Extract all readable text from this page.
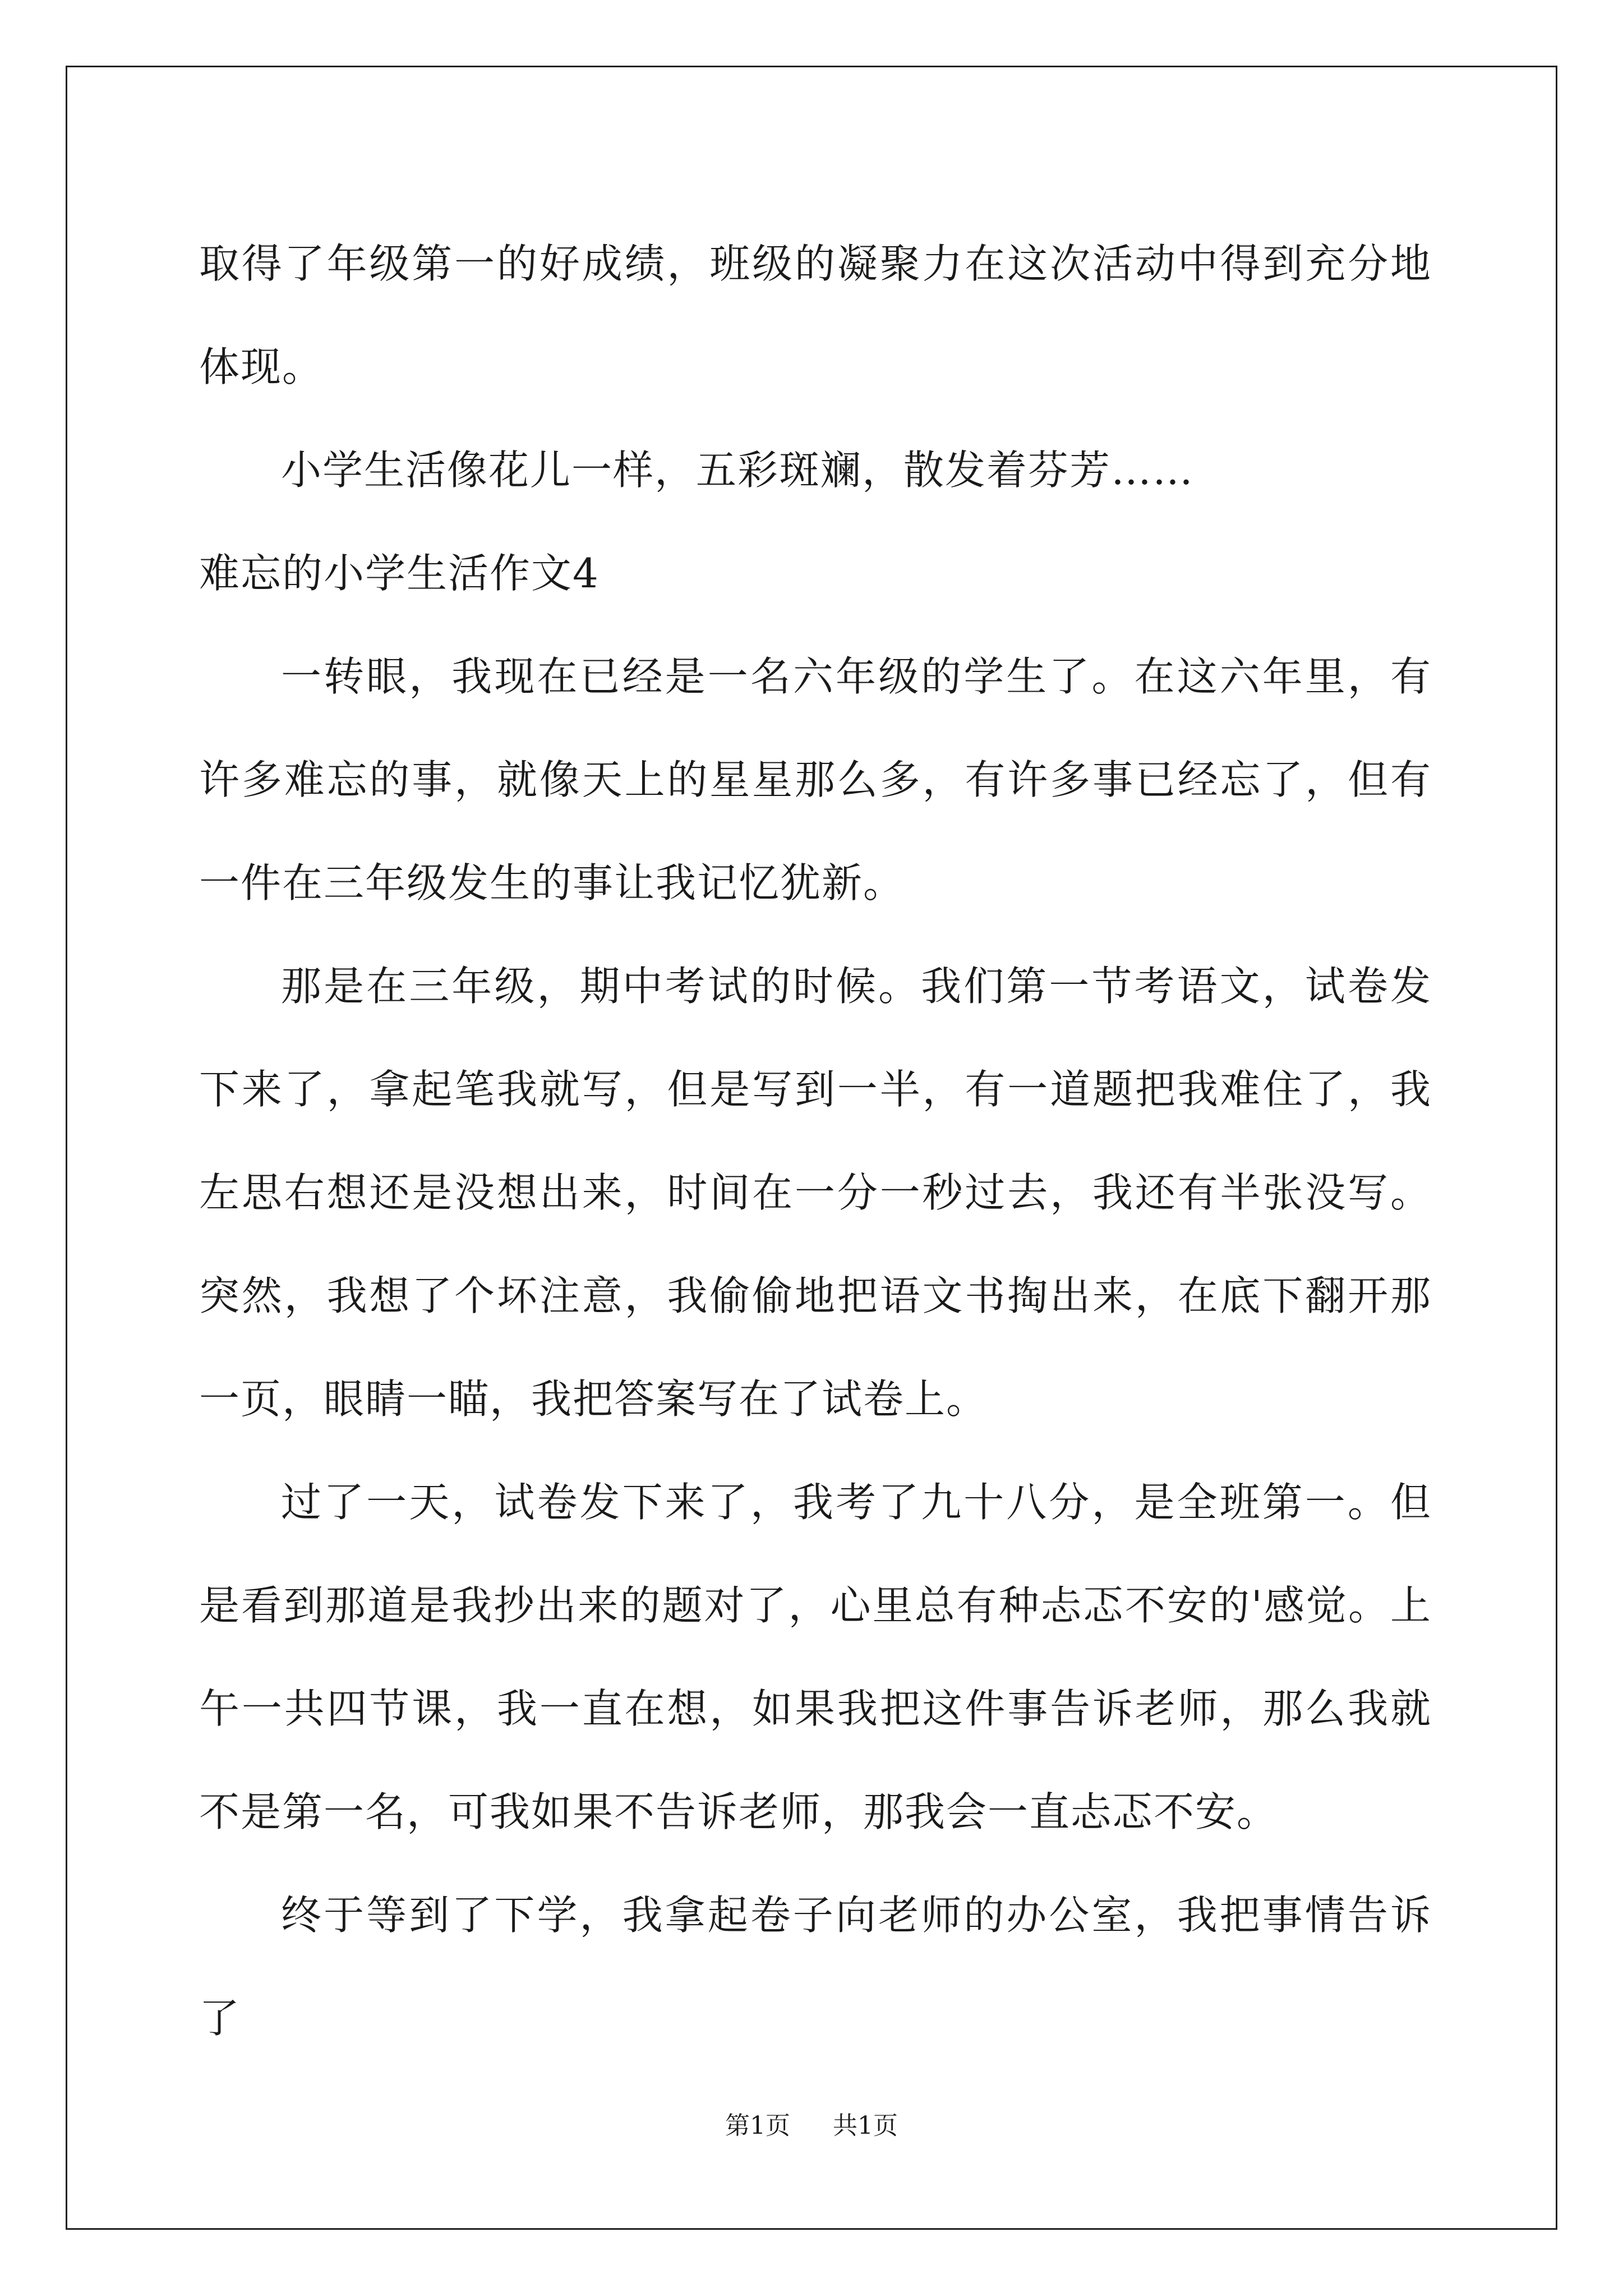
取得了年级第一的好成绩，班级的凝聚力在这次活动中得到充分地体现。

小学生活像花儿一样，五彩斑斓，散发着芬芳……

难忘的小学生活作文4

一转眼，我现在已经是一名六年级的学生了。在这六年里，有许多难忘的事，就像天上的星星那么多，有许多事已经忘了，但有一件在三年级发生的事让我记忆犹新。

那是在三年级，期中考试的时候。我们第一节考语文，试卷发下来了，拿起笔我就写，但是写到一半，有一道题把我难住了，我左思右想还是没想出来，时间在一分一秒过去，我还有半张没写。突然，我想了个坏注意，我偷偷地把语文书掏出来，在底下翻开那一页，眼睛一瞄，我把答案写在了试卷上。

过了一天，试卷发下来了，我考了九十八分，是全班第一。但是看到那道是我抄出来的题对了，心里总有种忐忑不安的'感觉。上午一共四节课，我一直在想，如果我把这件事告诉老师，那么我就不是第一名，可我如果不告诉老师，那我会一直忐忑不安。

终于等到了下学，我拿起卷子向老师的办公室，我把事情告诉了

第1页 共1页
